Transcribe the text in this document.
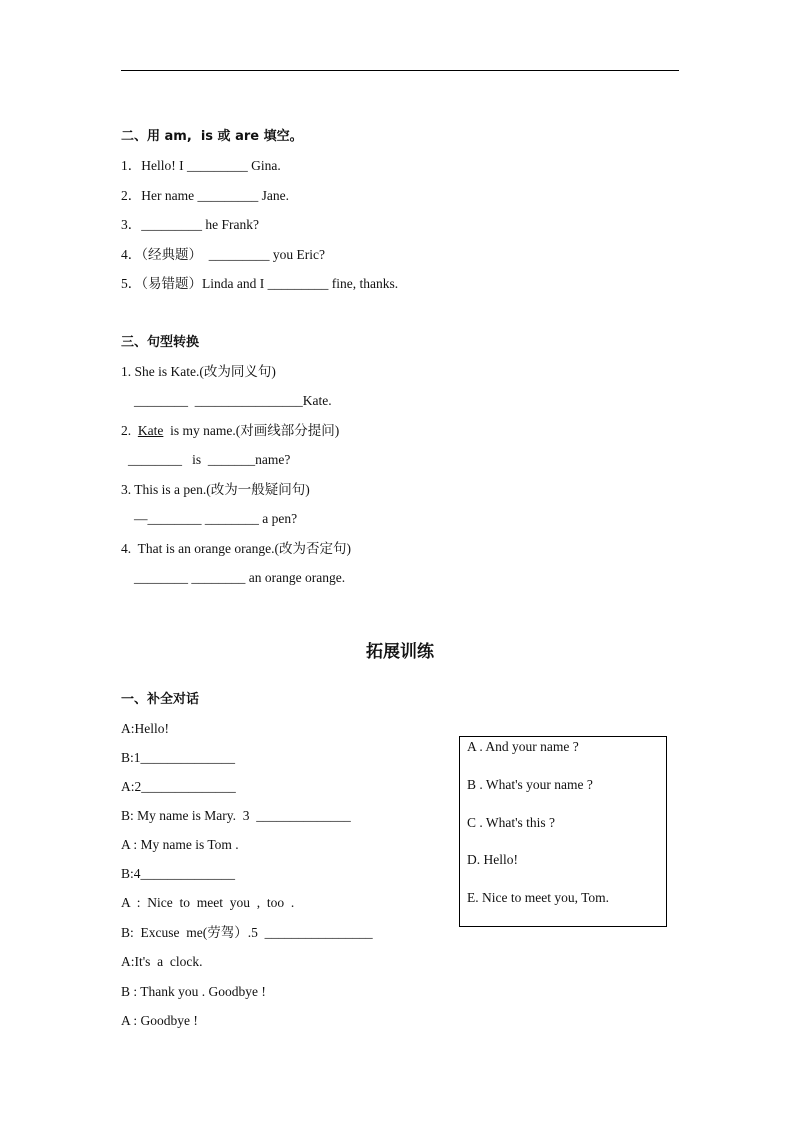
二、用 am,  is 或 are 填空。
1．Hello! I _________ Gina.
2．Her name _________ Jane.
3．_________ he Frank?
4．（经典题）  _________ you Eric?
5．（易错题）Linda and I _________ fine, thanks.
三、句型转换
1. She is Kate.(改为同义句)
________  ________________Kate.
2.  Kate  is my name.(对画线部分提问)
________   is  _______name?
3. This is a pen.(改为一般疑问句)
—________ ________ a pen?
4.  That is an orange orange.(改为否定句)
________ ________ an orange orange.
拓展训练
一、补全对话
A:Hello!
B:1______________
A:2______________
B: My name is Mary.  3  ______________
A : My name is Tom .
B:4______________
A  :  Nice  to  meet  you  ,  too  .
B:  Excuse  me(劳驾）.5  ________________
A:It's  a  clock.
B : Thank you . Goodbye !
A : Goodbye !
A . And your name ?
B . What's your name ?
C . What's this ?
D. Hello!
E. Nice to meet you, Tom.
